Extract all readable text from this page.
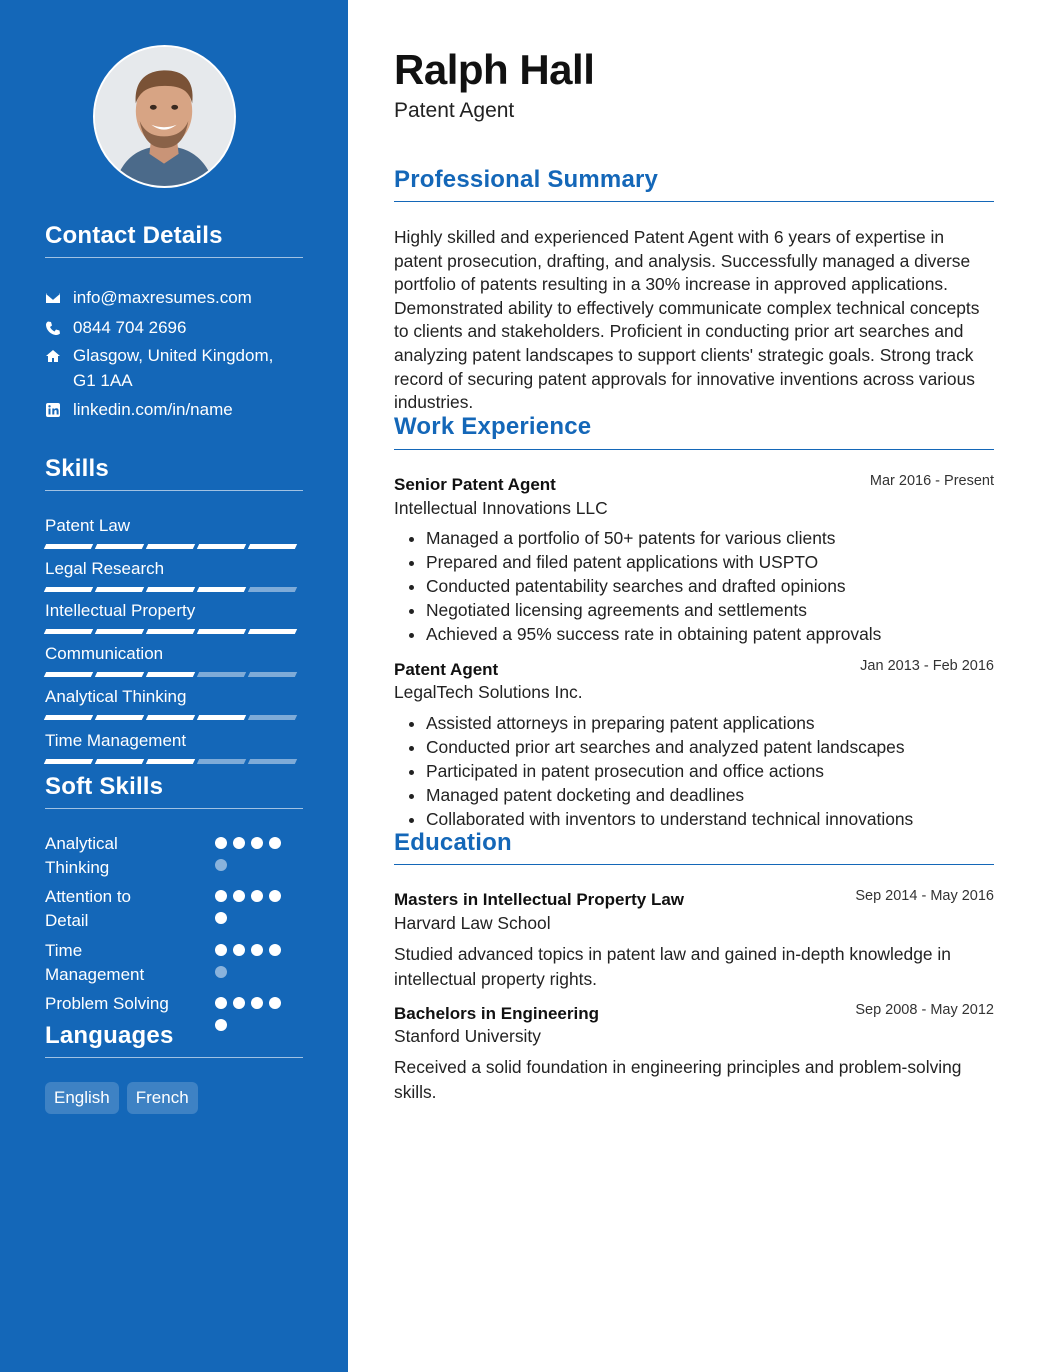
Contact Details
info@maxresumes.com
0844 704 2696
Glasgow, United Kingdom,
G1 1AA
linkedin.com/in/name
Skills
Patent Law
Legal Research
Intellectual Property
Communication
Analytical Thinking
Time Management
Soft Skills
Analytical
Thinking
Attention to
Detail
Time
Management
Problem Solving
Languages
English	French
Ralph Hall
Patent Agent
Professional Summary
Highly skilled and experienced Patent Agent with 6 years of expertise in patent prosecution, drafting, and analysis. Successfully managed a diverse portfolio of patents resulting in a 30% increase in approved applications. Demonstrated ability to effectively communicate complex technical concepts to clients and stakeholders. Proficient in conducting prior art searches and analyzing patent landscapes to support clients' strategic goals. Strong track record of securing patent approvals for innovative inventions across various industries.
Work Experience
Senior Patent Agent	Mar 2016 - Present
Intellectual Innovations LLC
• Managed a portfolio of 50+ patents for various clients
• Prepared and filed patent applications with USPTO
• Conducted patentability searches and drafted opinions
• Negotiated licensing agreements and settlements
• Achieved a 95% success rate in obtaining patent approvals
Patent Agent	Jan 2013 - Feb 2016
LegalTech Solutions Inc.
• Assisted attorneys in preparing patent applications
• Conducted prior art searches and analyzed patent landscapes
• Participated in patent prosecution and office actions
• Managed patent docketing and deadlines
• Collaborated with inventors to understand technical innovations
Education
Masters in Intellectual Property Law	Sep 2014 - May 2016
Harvard Law School
Studied advanced topics in patent law and gained in-depth knowledge in intellectual property rights.
Bachelors in Engineering	Sep 2008 - May 2012
Stanford University
Received a solid foundation in engineering principles and problem-solving skills.
